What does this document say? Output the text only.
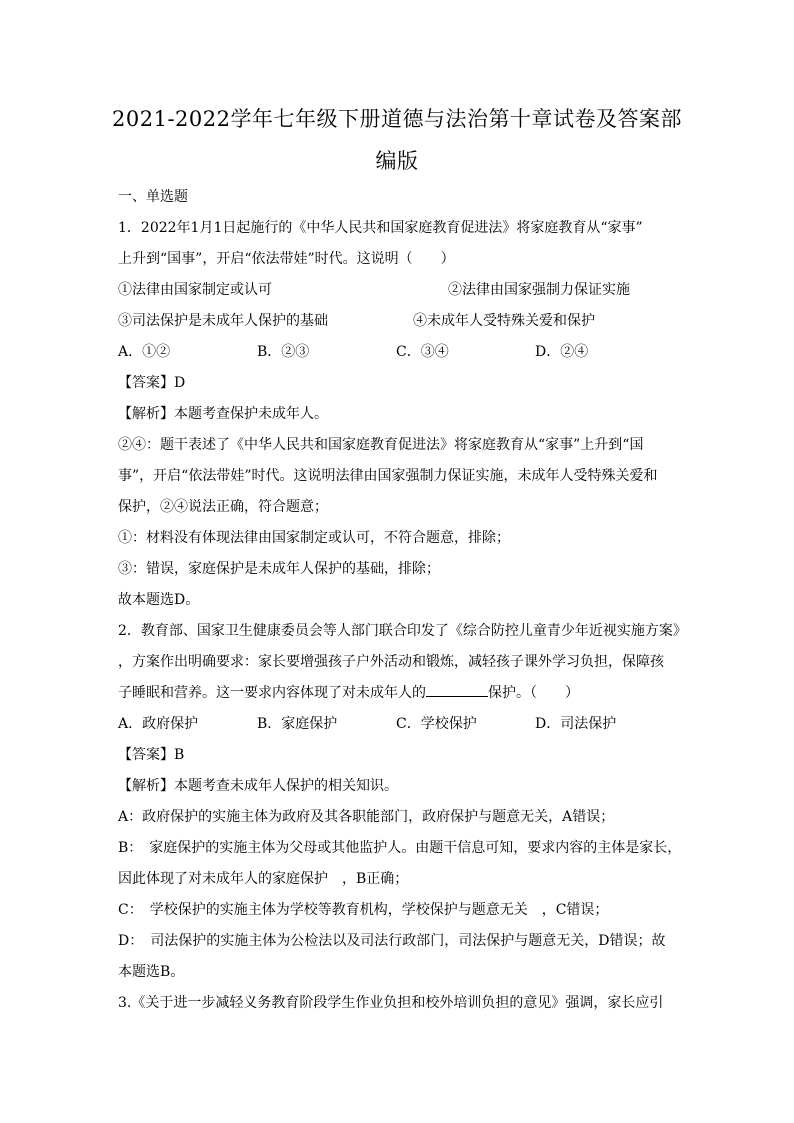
2021-2022学年七年级下册道德与法治第十章试卷及答案部
编版
一、单选题
1．2022年1月1日起施行的《中华人民共和国家庭教育促进法》将家庭教育从“家事”
上升到“国事”，开启“依法带娃”时代。这说明（　　）
①法律由国家制定或认可	②法律由国家强制力保证实施
③司法保护是未成年人保护的基础	④未成年人受特殊关爱和保护
A．①②	B．②③	C．③④	D．②④
【答案】D
【解析】本题考查保护未成年人。
②④：题干表述了《中华人民共和国家庭教育促进法》将家庭教育从“家事”上升到“国
事”，开启“依法带娃”时代。这说明法律由国家强制力保证实施，未成年人受特殊关爱和
保护，②④说法正确，符合题意；
①：材料没有体现法律由国家制定或认可，不符合题意，排除；
③：错误，家庭保护是未成年人保护的基础，排除；
故本题选D。
2．教育部、国家卫生健康委员会等人部门联合印发了《综合防控儿童青少年近视实施方案》
，方案作出明确要求：家长要增强孩子户外活动和锻炼，减轻孩子课外学习负担，保障孩
子睡眠和营养。这一要求内容体现了对未成年人的	保护。（　　）
A．政府保护	B．家庭保护	C．学校保护	D．司法保护
【答案】B
【解析】本题考查未成年人保护的相关知识。
A：政府保护的实施主体为政府及其各职能部门，政府保护与题意无关，A错误；
B：　家庭保护的实施主体为父母或其他监护人。由题干信息可知，要求内容的主体是家长，
因此体现了对未成年人的家庭保护　，B正确；
C：　学校保护的实施主体为学校等教育机构，学校保护与题意无关　，C错误；
D：　司法保护的实施主体为公检法以及司法行政部门，司法保护与题意无关，D错误；故
本题选B。
3.《关于进一步减轻义务教育阶段学生作业负担和校外培训负担的意见》强调，家长应引
